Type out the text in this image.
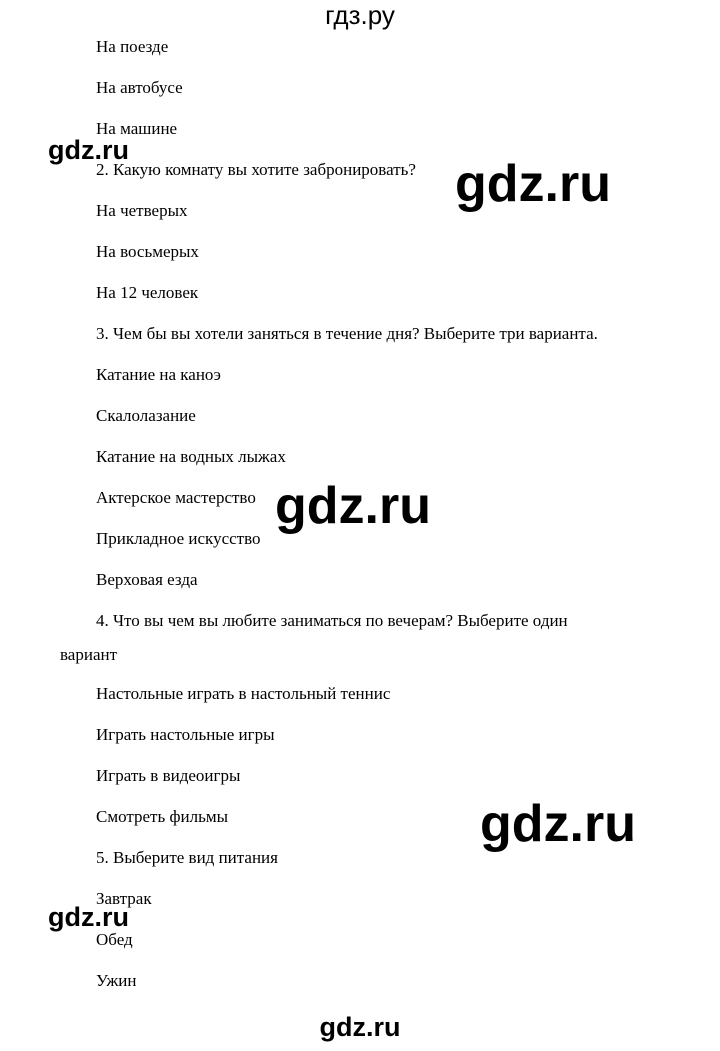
гдз.ру
На поезде
На автобусе
На машине
2. Какую комнату вы хотите забронировать?
На четверых
На восьмерых
На 12 человек
3. Чем бы вы хотели заняться в течение дня? Выберите три варианта.
Катание на каноэ
Скалолазание
Катание на водных лыжах
Актерское мастерство
Прикладное искусство
Верховая езда
4. Что вы чем вы любите заниматься по вечерам? Выберите один
вариант
Настольные играть в настольный теннис
Играть настольные игры
Играть в видеоигры
Смотреть фильмы
5. Выберите вид питания
Завтрак
Обед
Ужин
gdz.ru
gdz.ru
gdz.ru
gdz.ru
gdz.ru
gdz.ru
